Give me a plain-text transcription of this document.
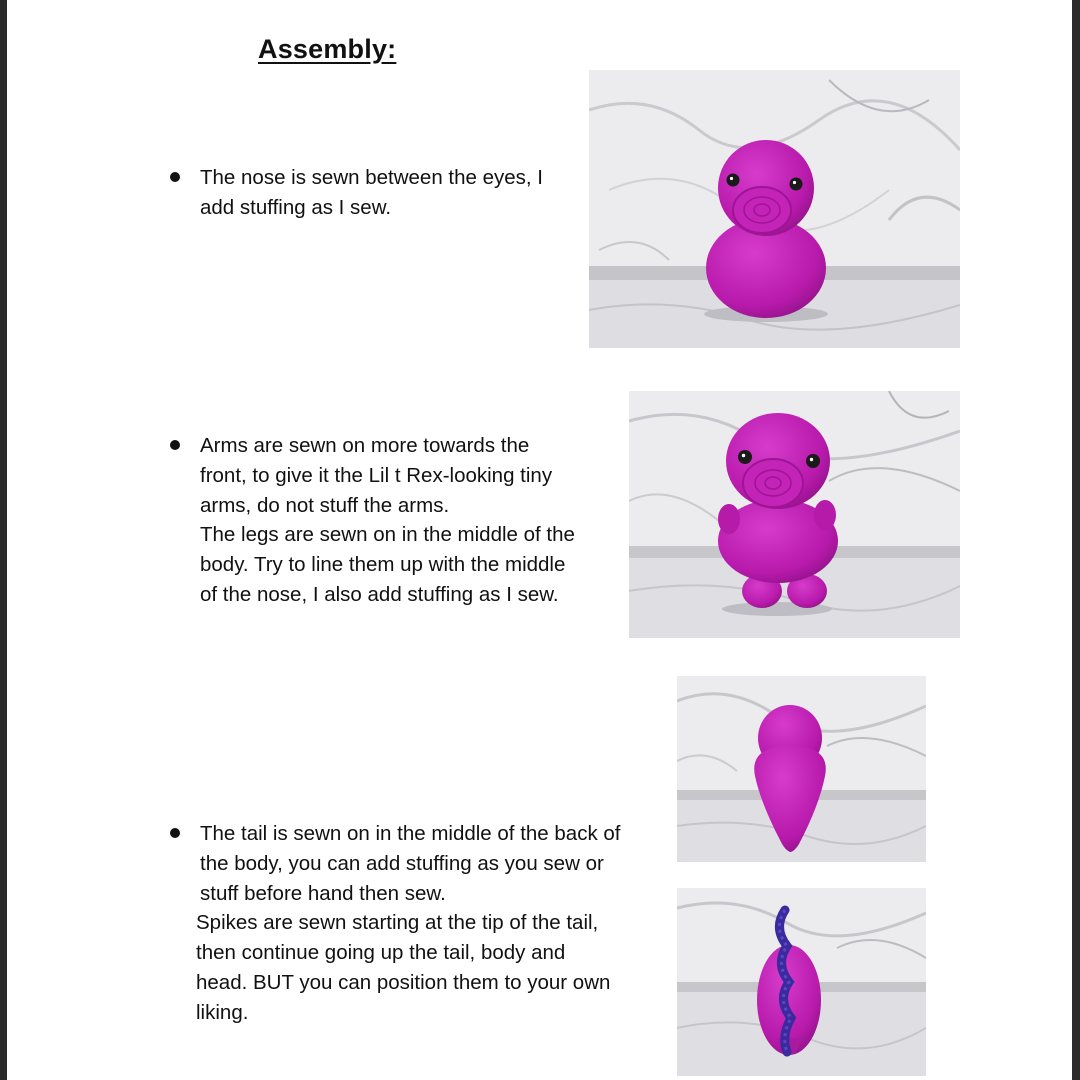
Assembly:
The nose is sewn between the eyes, I
add stuffing as I sew.
Arms are sewn on more towards the
front, to give it the Lil t Rex-looking tiny
arms, do not stuff the arms.
The legs are sewn on in the middle of the
body. Try to line them up with the middle
of the nose, I also add stuffing as I sew.
The tail is sewn on in the middle of the back of
the body, you can add stuffing as you sew or
stuff before hand then sew.
Spikes are sewn starting at the tip of the tail,
then continue going up the tail, body and
head. BUT you can position them to your own
liking.
